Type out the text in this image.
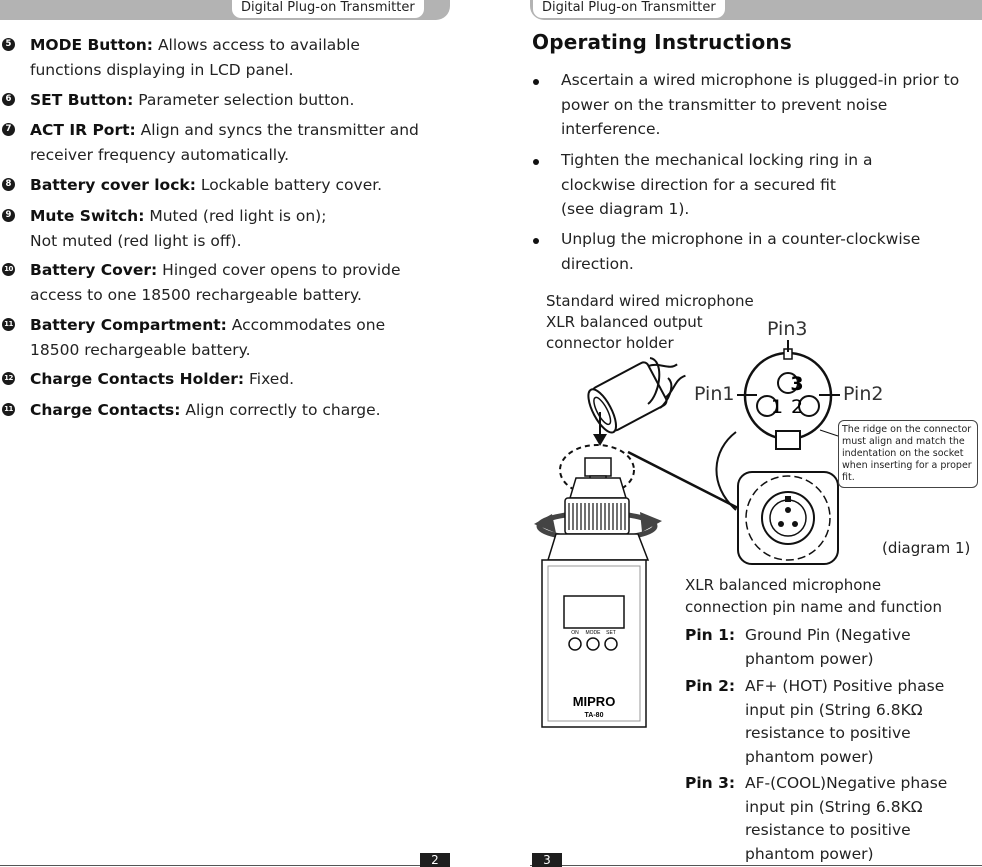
Digital Plug-on Transmitter	Digital Plug-on Transmitter
5 MODE Button: Allows access to available functions displaying in LCD panel.
6 SET Button: Parameter selection button.
7 ACT IR Port: Align and syncs the transmitter and receiver frequency automatically.
8 Battery cover lock: Lockable battery cover.
9 Mute Switch: Muted (red light is on);
Not muted (red light is off).
10 Battery Cover: Hinged cover opens to provide access to one 18500 rechargeable battery.
11 Battery Compartment: Accommodates one 18500 rechargeable battery.
12 Charge Contacts Holder: Fixed.
11 Charge Contacts: Align correctly to charge.
Operating Instructions
Ascertain a wired microphone is plugged-in prior to power on the transmitter to prevent noise interference.
Tighten the mechanical locking ring in a clockwise direction for a secured fit
(see diagram 1).
Unplug the microphone in a counter-clockwise direction.
ON MODE SET
MIPRO
TA-80
3
1 2
Standard wired microphone XLR balanced output connector holder
Pin3
Pin1	Pin2
The ridge on the connector must align and match the indentation on the socket when inserting for a proper fit.
(diagram 1)
XLR balanced microphone connection pin name and function
Pin 1: Ground Pin (Negative phantom power)
Pin 2: AF+ (HOT) Positive phase input pin (String 6.8KΩ resistance to positive phantom power)
Pin 3: AF-(COOL)Negative phase input pin (String 6.8KΩ resistance to positive phantom power)
2	3
